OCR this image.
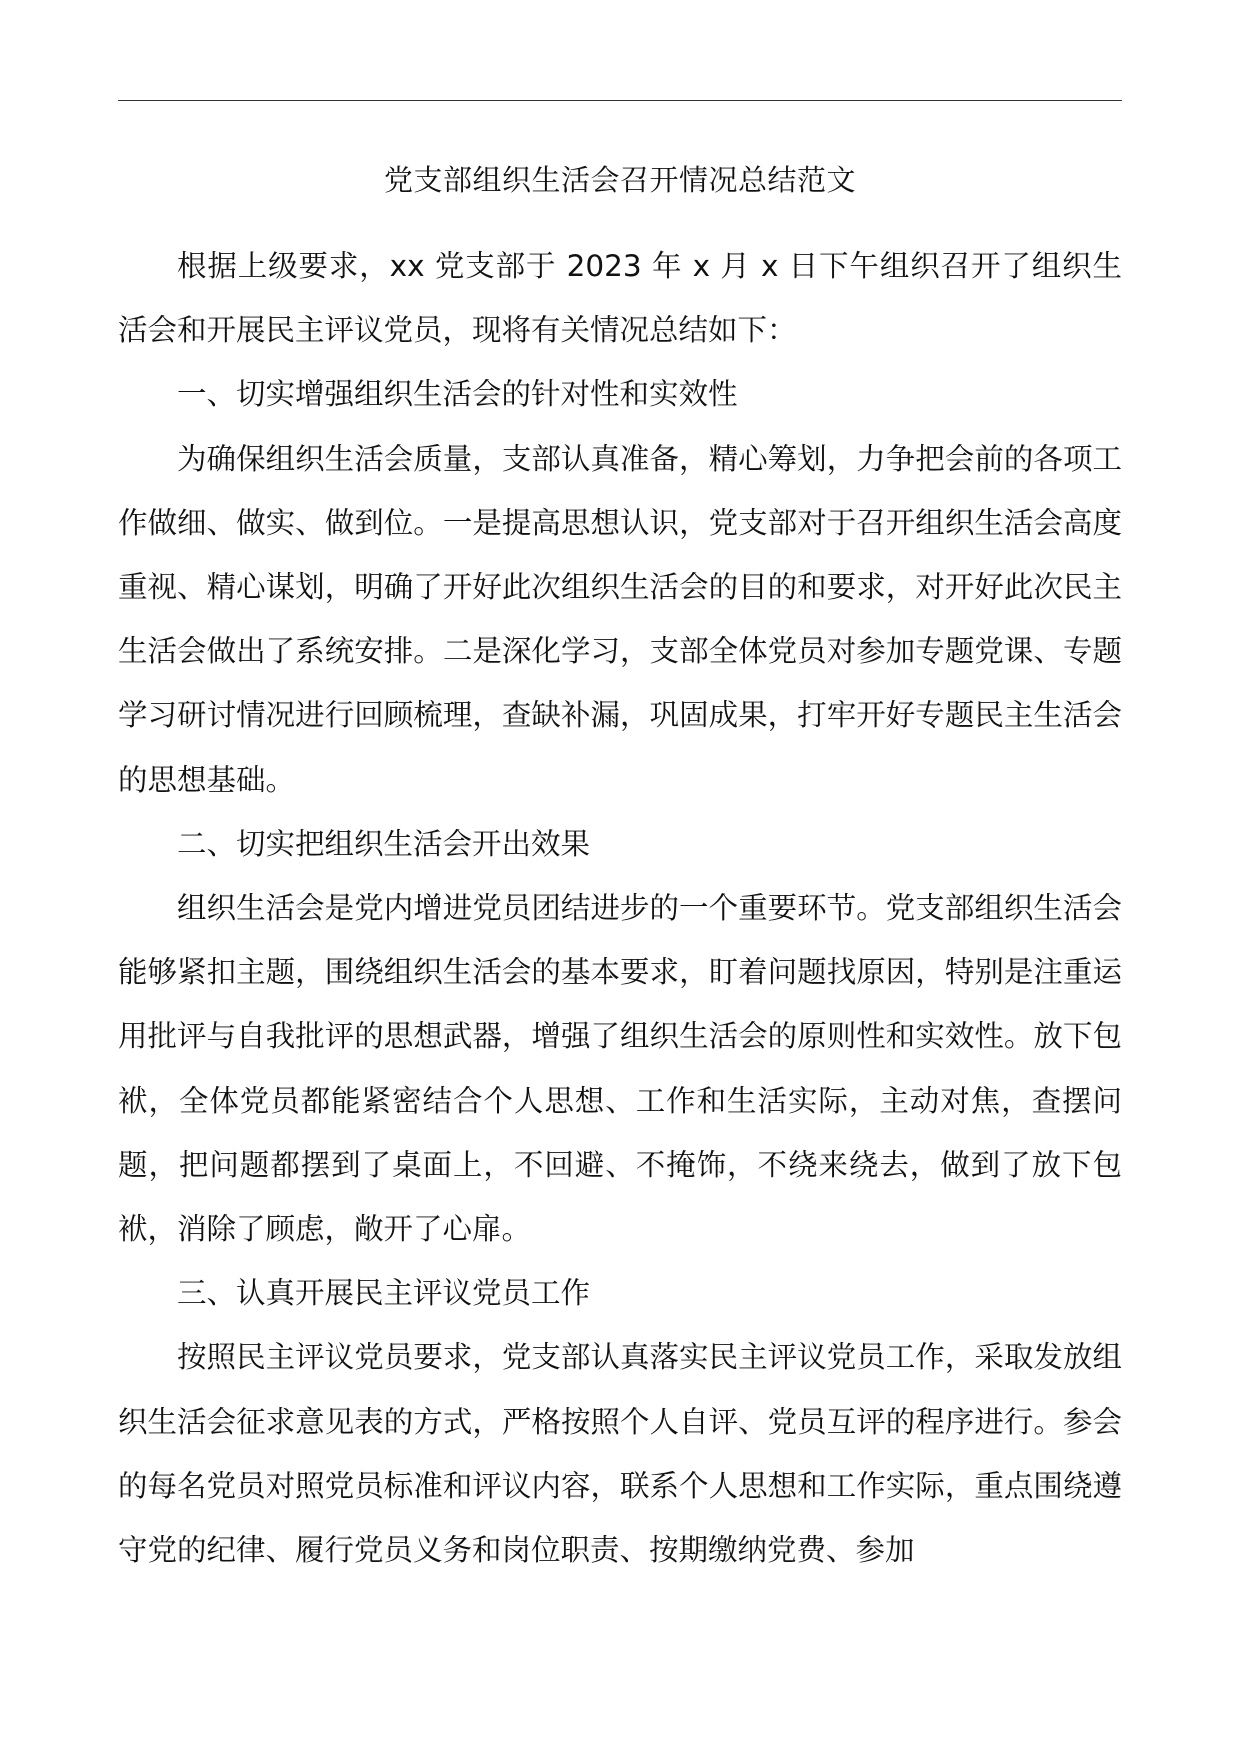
党支部组织生活会召开情况总结范文

根据上级要求，xx 党支部于 2023 年 x 月 x 日下午组织召开了组织生活会和开展民主评议党员，现将有关情况总结如下：

一、切实增强组织生活会的针对性和实效性

为确保组织生活会质量，支部认真准备，精心筹划，力争把会前的各项工作做细、做实、做到位。一是提高思想认识，党支部对于召开组织生活会高度重视、精心谋划，明确了开好此次组织生活会的目的和要求，对开好此次民主生活会做出了系统安排。二是深化学习，支部全体党员对参加专题党课、专题学习研讨情况进行回顾梳理，查缺补漏，巩固成果，打牢开好专题民主生活会的思想基础。

二、切实把组织生活会开出效果

组织生活会是党内增进党员团结进步的一个重要环节。党支部组织生活会能够紧扣主题，围绕组织生活会的基本要求，盯着问题找原因，特别是注重运用批评与自我批评的思想武器，增强了组织生活会的原则性和实效性。放下包袱，全体党员都能紧密结合个人思想、工作和生活实际，主动对焦，查摆问题，把问题都摆到了桌面上，不回避、不掩饰，不绕来绕去，做到了放下包袱，消除了顾虑，敞开了心扉。

三、认真开展民主评议党员工作

按照民主评议党员要求，党支部认真落实民主评议党员工作，采取发放组织生活会征求意见表的方式，严格按照个人自评、党员互评的程序进行。参会的每名党员对照党员标准和评议内容，联系个人思想和工作实际，重点围绕遵守党的纪律、履行党员义务和岗位职责、按期缴纳党费、参加
